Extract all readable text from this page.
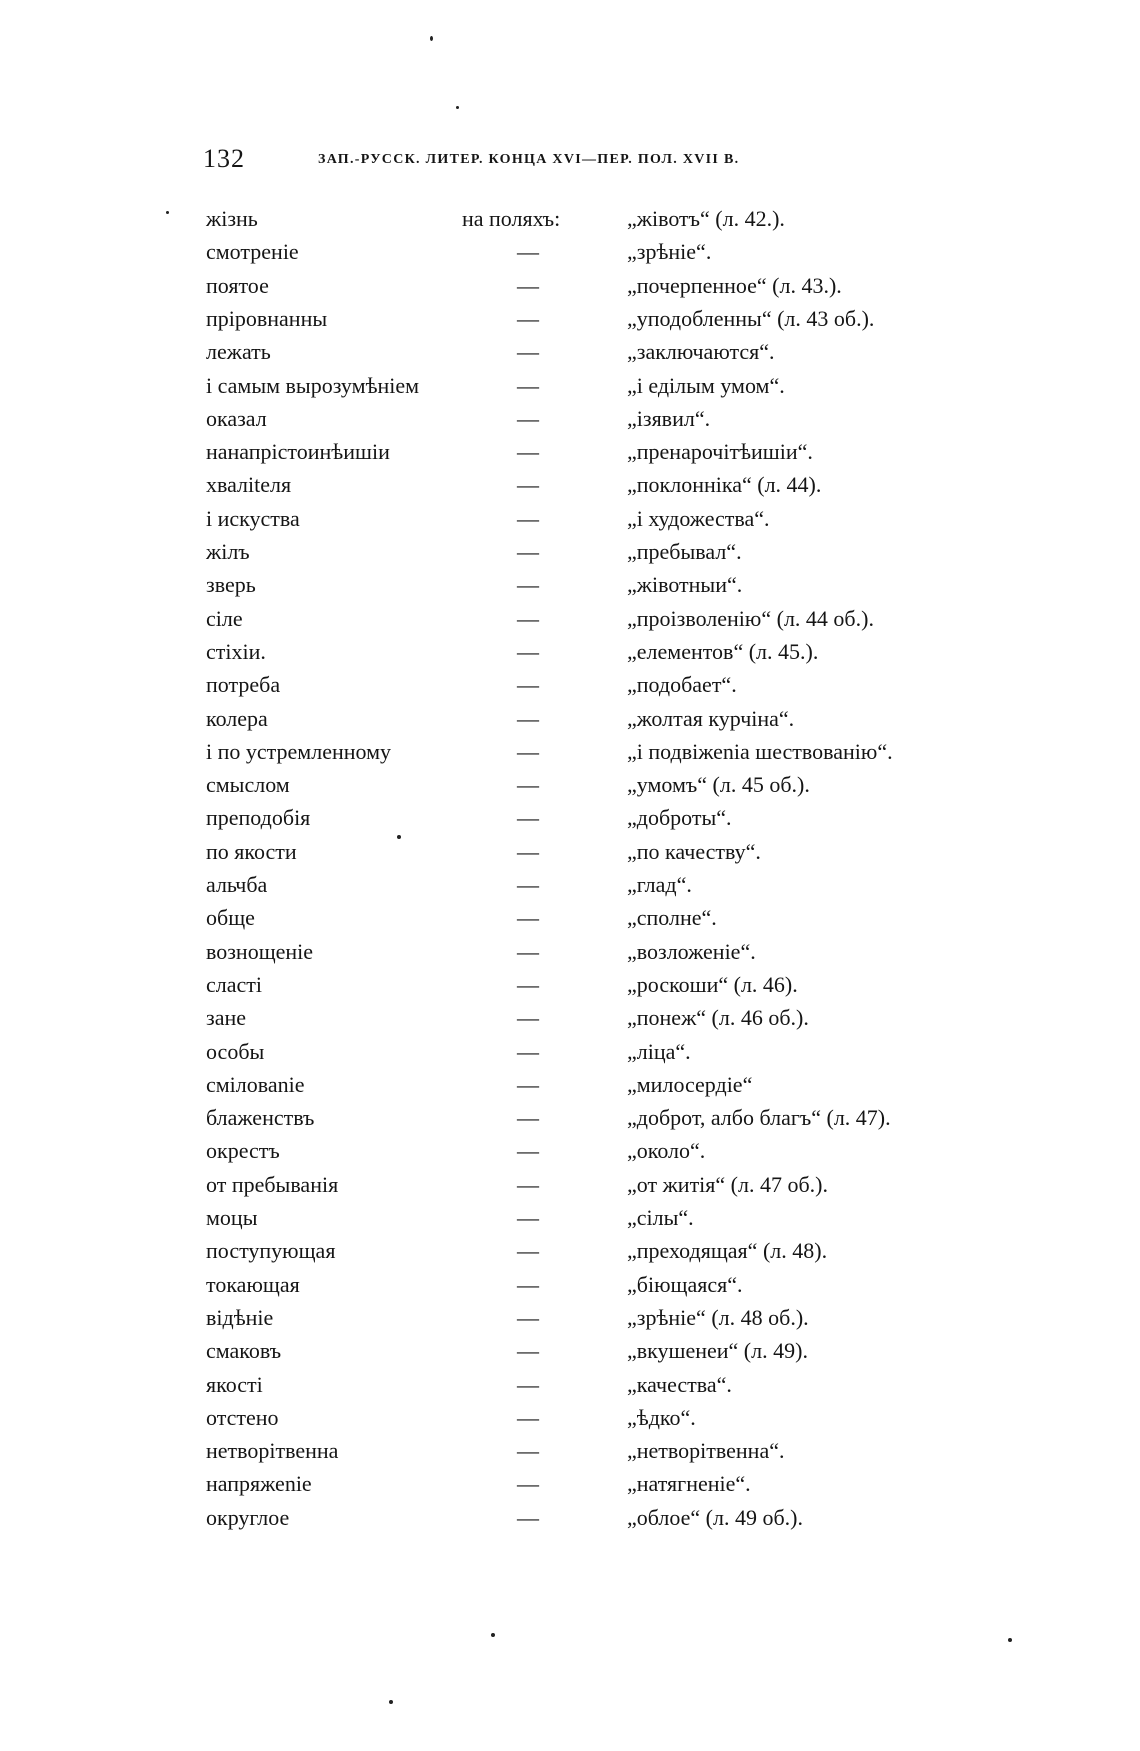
132	ЗАП.-РУССК. ЛИТЕР. КОНЦА XVI—ПЕР. ПОЛ. XVII В.
жізнь	на поляхъ:	„жівотъ“ (л. 42.).
смотреніе	—	„зрѣніе“.
поятое	—	„почерпенное“ (л. 43.).
пріровнанны	—	„уподобленны“ (л. 43 об.).
лежать	—	„заключаются“.
і самым вырозумѣніем	—	„і еділым умом“.
оказал	—	„ізявил“.
нанапрістоинѣишіи	—	„пренарочітѣишіи“.
хваліteля	—	„поклонніка“ (л. 44).
і искуства	—	„і художества“.
жілъ	—	„пребывал“.
зверь	—	„жівотныи“.
сіле	—	„проізволенію“ (л. 44 об.).
стіхіи.	—	„елементов“ (л. 45.).
потреба	—	„подобает“.
колера	—	„жолтая курчіна“.
і по устремленному	—	„і подвіжеnia шествованію“.
смыслом	—	„умомъ“ (л. 45 об.).
преподобія	—	„доброты“.
по якости	—	„по качеству“.
альчба	—	„глад“.
обще	—	„сполне“.
вознощеніе	—	„возложеніе“.
сласті	—	„роскоши“ (л. 46).
зане	—	„понеж“ (л. 46 об.).
особы	—	„ліца“.
сміловаnie	—	„милосердіе“
блаженствъ	—	„доброт, албо благъ“ (л. 47).
окрестъ	—	„около“.
от пребыванія	—	„от житія“ (л. 47 об.).
моцы	—	„сілы“.
поступующая	—	„преходящая“ (л. 48).
токающая	—	„біющаяся“.
відѣніе	—	„зрѣніе“ (л. 48 об.).
смаковъ	—	„вкушенеи“ (л. 49).
якості	—	„качества“.
отстено	—	„ѣдко“.
нетворітвенна	—	„нетворітвенна“.
напряжеnie	—	„натягненіе“.
округлое	—	„облое“ (л. 49 об.).
